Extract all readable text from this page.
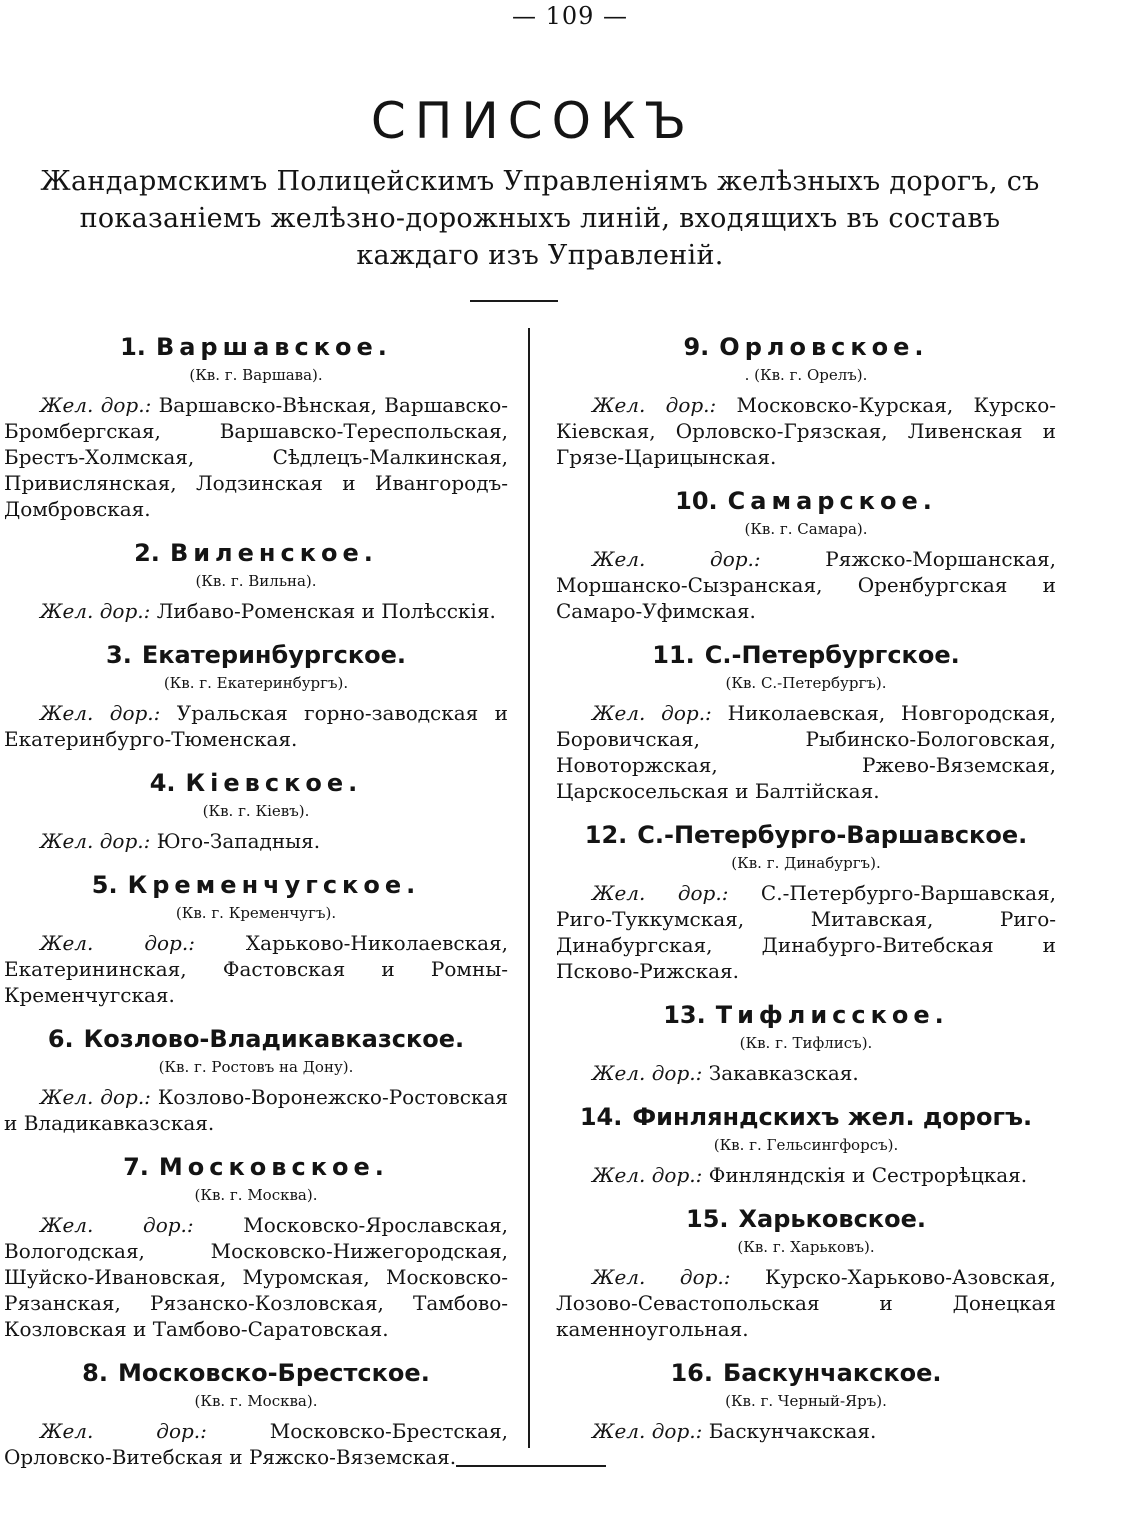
— 109 —
СПИСОКЪ
Жандармскимъ Полицейскимъ Управленіямъ желѣзныхъ дорогъ, съ показаніемъ желѣзно-дорожныхъ линій, входящихъ въ составъ каждаго изъ Управленій.
1. Варшавское.
(Кв. г. Варшава).
Жел. дор.: Варшавско-Вѣнская, Варшавско-Бромбергская, Варшавско-Тереспольская, Брестъ-Холмская, Сѣдлецъ-Малкинская, Привислянская, Лодзинская и Ивангородъ-Домбровская.
2. Виленское.
(Кв. г. Вильна).
Жел. дор.: Либаво-Роменская и Полѣсскія.
3. Екатеринбургское.
(Кв. г. Екатеринбургъ).
Жел. дор.: Уральская горно-заводская и Екатеринбурго-Тюменская.
4. Кіевское.
(Кв. г. Кіевъ).
Жел. дор.: Юго-Западныя.
5. Кременчугское.
(Кв. г. Кременчугъ).
Жел. дор.:	Харьково-Николаевская, Екатерининская, Фастовская и Ромны-Кременчугская.
6. Козлово-Владикавказское.
(Кв. г. Ростовъ на Дону).
Жел. дор.: Козлово-Воронежско-Ростовская и Владикавказская.
7. Московское.
(Кв. г. Москва).
Жел. дор.: Московско-Ярославская, Вологодская, Московско-Нижегородская, Шуйско-Ивановская, Муромская, Московско-Рязанская, Рязанско-Козловская, Тамбово-Козловская и Тамбово-Саратовская.
8. Московско-Брестское.
(Кв. г. Москва).
Жел. дор.:	Московско-Брестская, Орловско-Витебская и Ряжско-Вяземская.
9. Орловское.
. (Кв. г. Орелъ).
Жел. дор.: Московско-Курская, Курско-Кіевская, Орловско-Грязская, Ливенская и Грязе-Царицынская.
10. Самарское.
(Кв. г. Самара).
Жел. дор.:	Ряжско-Моршанская, Моршанско-Сызранская, Оренбургская и Самаро-Уфимская.
11. С.-Петербургское.
(Кв. С.-Петербургъ).
Жел. дор.: Николаевская, Новгородская, Боровичская, Рыбинско-Бологовская, Новоторжская, Ржево-Вяземская, Царскосельская и Балтійская.
12. С.-Петербурго-Варшавское.
(Кв. г. Динабургъ).
Жел. дор.: С.-Петербурго-Варшавская, Риго-Туккумская, Митавская, Риго-Динабургская, Динабурго-Витебская и Псково-Рижская.
13. Тифлисское.
(Кв. г. Тифлисъ).
Жел. дор.: Закавказская.
14. Финляндскихъ жел. дорогъ.
(Кв. г. Гельсингфорсъ).
Жел. дор.: Финляндскія и Сестрорѣцкая.
15. Харьковское.
(Кв. г. Харьковъ).
Жел. дор.: Курско-Харьково-Азовская, Лозово-Севастопольская и Донецкая каменноугольная.
16. Баскунчакское.
(Кв. г. Черный-Яръ).
Жел. дор.: Баскунчакская.
